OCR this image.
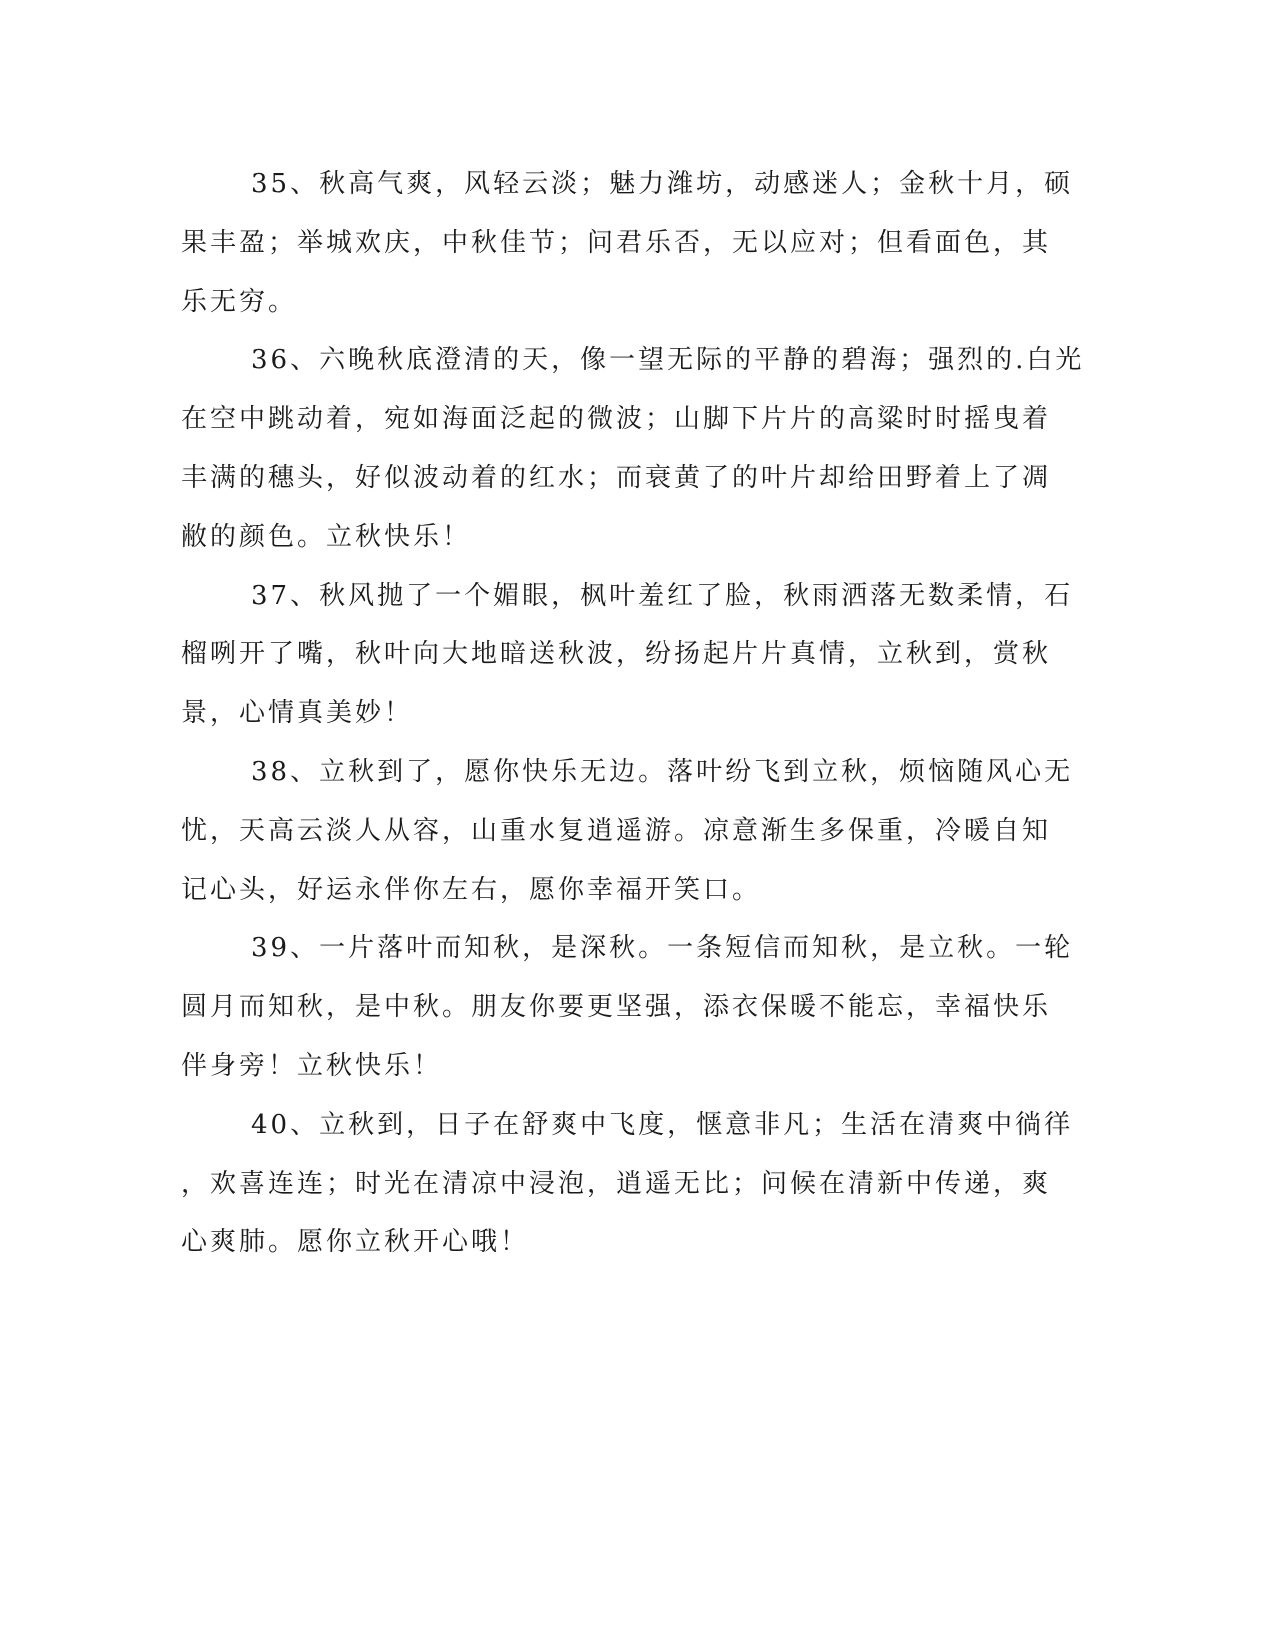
35、秋高气爽，风轻云淡；魅力潍坊，动感迷人；金秋十月，硕
果丰盈；举城欢庆，中秋佳节；问君乐否，无以应对；但看面色，其
乐无穷。

36、六晚秋底澄清的天，像一望无际的平静的碧海；强烈的.白光
在空中跳动着，宛如海面泛起的微波；山脚下片片的高粱时时摇曳着
丰满的穗头，好似波动着的红水；而衰黄了的叶片却给田野着上了凋
敝的颜色。立秋快乐！

37、秋风抛了一个媚眼，枫叶羞红了脸，秋雨洒落无数柔情，石
榴咧开了嘴，秋叶向大地暗送秋波，纷扬起片片真情，立秋到，赏秋
景，心情真美妙！

38、立秋到了，愿你快乐无边。落叶纷飞到立秋，烦恼随风心无
忧，天高云淡人从容，山重水复逍遥游。凉意渐生多保重，冷暖自知
记心头，好运永伴你左右，愿你幸福开笑口。

39、一片落叶而知秋，是深秋。一条短信而知秋，是立秋。一轮
圆月而知秋，是中秋。朋友你要更坚强，添衣保暖不能忘，幸福快乐
伴身旁！立秋快乐！

40、立秋到，日子在舒爽中飞度，惬意非凡；生活在清爽中徜徉
，欢喜连连；时光在清凉中浸泡，逍遥无比；问候在清新中传递，爽
心爽肺。愿你立秋开心哦！
